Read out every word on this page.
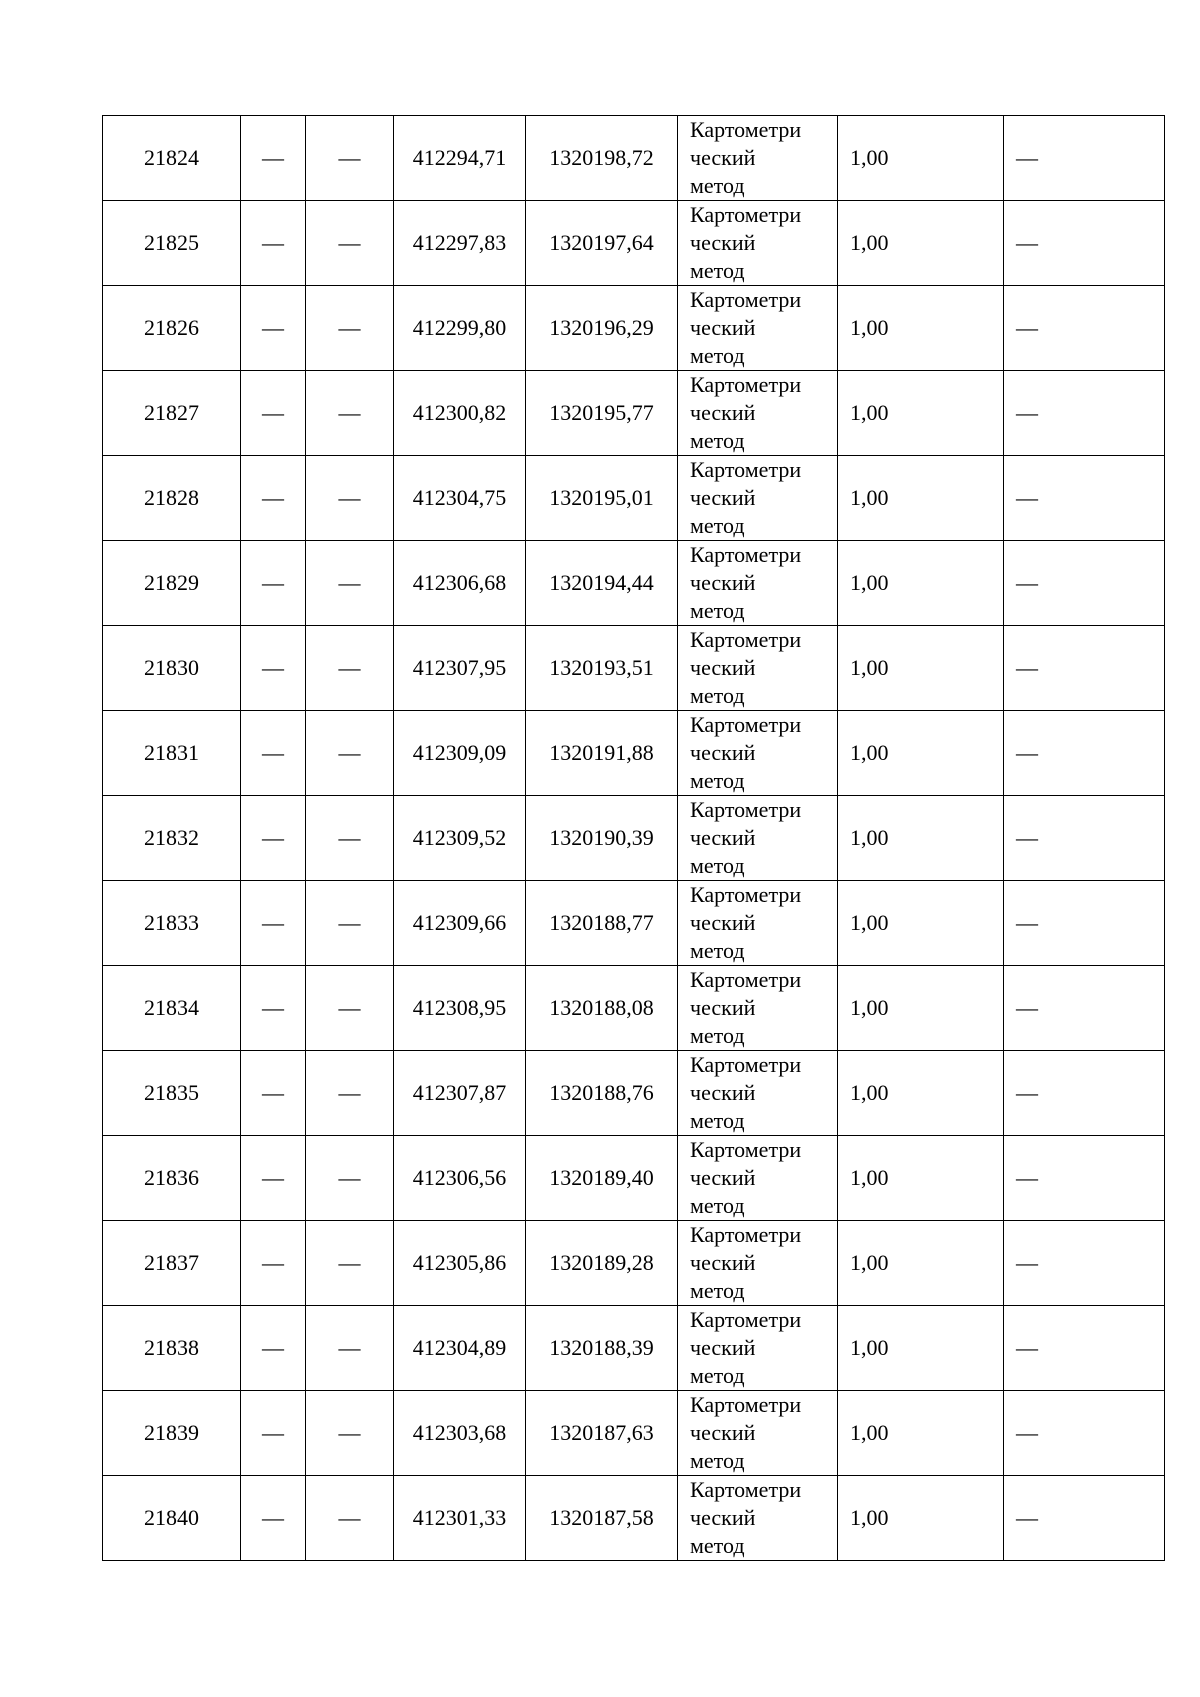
21824	—	—	412294,71	1320198,72	Картометри
ческий
метод	1,00	—
21825	—	—	412297,83	1320197,64	Картометри
ческий
метод	1,00	—
21826	—	—	412299,80	1320196,29	Картометри
ческий
метод	1,00	—
21827	—	—	412300,82	1320195,77	Картометри
ческий
метод	1,00	—
21828	—	—	412304,75	1320195,01	Картометри
ческий
метод	1,00	—
21829	—	—	412306,68	1320194,44	Картометри
ческий
метод	1,00	—
21830	—	—	412307,95	1320193,51	Картометри
ческий
метод	1,00	—
21831	—	—	412309,09	1320191,88	Картометри
ческий
метод	1,00	—
21832	—	—	412309,52	1320190,39	Картометри
ческий
метод	1,00	—
21833	—	—	412309,66	1320188,77	Картометри
ческий
метод	1,00	—
21834	—	—	412308,95	1320188,08	Картометри
ческий
метод	1,00	—
21835	—	—	412307,87	1320188,76	Картометри
ческий
метод	1,00	—
21836	—	—	412306,56	1320189,40	Картометри
ческий
метод	1,00	—
21837	—	—	412305,86	1320189,28	Картометри
ческий
метод	1,00	—
21838	—	—	412304,89	1320188,39	Картометри
ческий
метод	1,00	—
21839	—	—	412303,68	1320187,63	Картометри
ческий
метод	1,00	—
21840	—	—	412301,33	1320187,58	Картометри
ческий
метод	1,00	—
